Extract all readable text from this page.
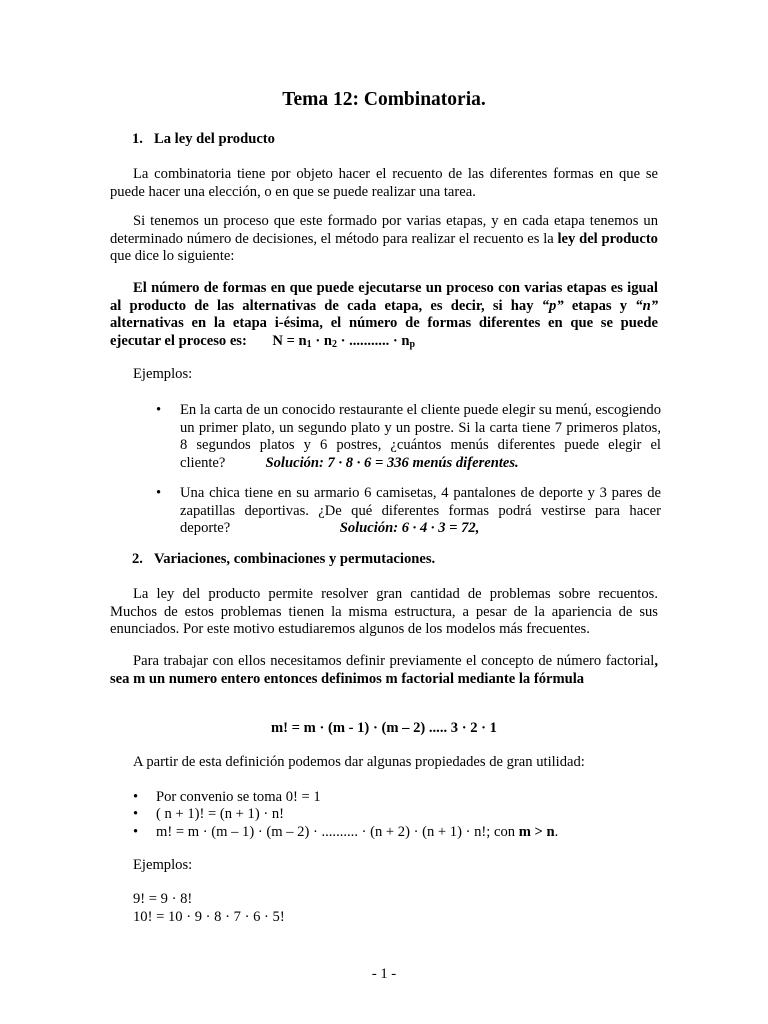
Tema 12: Combinatoria.
1. La ley del producto

La combinatoria tiene por objeto hacer el recuento de las diferentes formas en que se puede hacer una elección, o en que se puede realizar una tarea.

Si tenemos un proceso que este formado por varias etapas, y en cada etapa tenemos un determinado número de decisiones, el método para realizar el recuento es la ley del producto que dice lo siguiente:

El número de formas en que puede ejecutarse un proceso con varias etapas es igual al producto de las alternativas de cada etapa, es decir, si hay “p” etapas y “n” alternativas en la etapa i-ésima, el número de formas diferentes en que se puede ejecutar el proceso es: $N = n_1 \cdot n_2$ · ........... · $n_p$

Ejemplos:

•	En la carta de un conocido restaurante el cliente puede elegir su menú, escogiendo un primer plato, un segundo plato y un postre. Si la carta tiene 7 primeros platos, 8 segundos platos y 6 postres, ¿cuántos menús diferentes puede elegir el cliente?	Solución: 7 · 8 · 6 = 336 menús diferentes.
•	Una chica tiene en su armario 6 camisetas, 4 pantalones de deporte y 3 pares de zapatillas deportivas. ¿De qué diferentes formas podrá vestirse para hacer deporte?	Solución: 6 · 4 · 3 = 72,
2. Variaciones, combinaciones y permutaciones.

La ley del producto permite resolver gran cantidad de problemas sobre recuentos. Muchos de estos problemas tienen la misma estructura, a pesar de la apariencia de sus enunciados. Por este motivo estudiaremos algunos de los modelos más frecuentes.

Para trabajar con ellos necesitamos definir previamente el concepto de número factorial, sea m un numero entero entonces definimos m factorial mediante la fórmula

m! = m · (m - 1) · (m – 2) ..... 3 · 2 · 1

A partir de esta definición podemos dar algunas propiedades de gran utilidad:

• Por convenio se toma 0! = 1
• ( n + 1)! = (n + 1) · n!
• m! = m · (m – 1) · (m – 2) · .......... · (n + 2) · (n + 1) · n!; con m > n.

Ejemplos:

9! = 9 · 8!

10! = 10 · 9 · 8 · 7 · 6 · 5!

- 1 -
